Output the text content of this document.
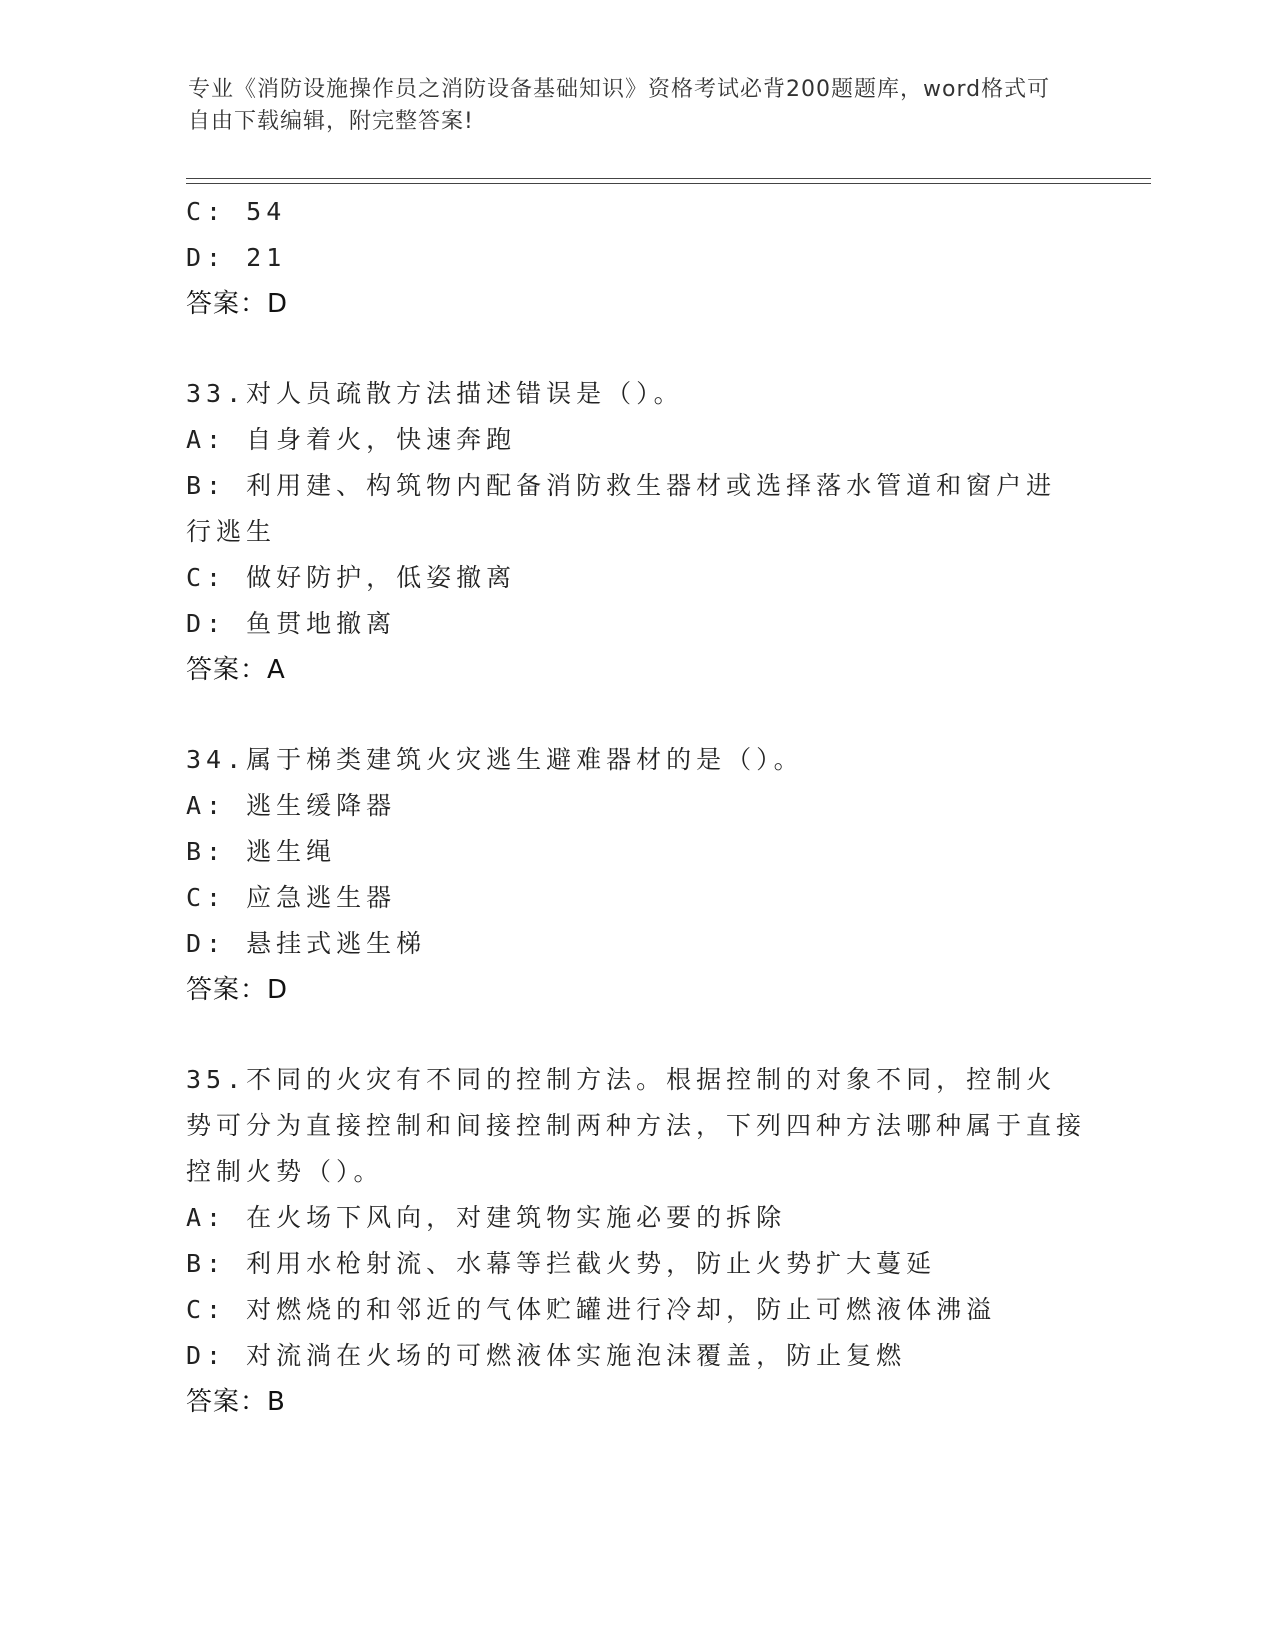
专业《消防设施操作员之消防设备基础知识》资格考试必背200题题库，word格式可自由下载编辑，附完整答案!
C: 54
D: 21
答案：D
33.对人员疏散方法描述错误是（）。
A: 自身着火，快速奔跑
B: 利用建、构筑物内配备消防救生器材或选择落水管道和窗户进行逃生
C: 做好防护，低姿撤离
D: 鱼贯地撤离
答案：A
34.属于梯类建筑火灾逃生避难器材的是（）。
A: 逃生缓降器
B: 逃生绳
C: 应急逃生器
D: 悬挂式逃生梯
答案：D
35.不同的火灾有不同的控制方法。根据控制的对象不同，控制火势可分为直接控制和间接控制两种方法，下列四种方法哪种属于直接控制火势（）。
A: 在火场下风向，对建筑物实施必要的拆除
B: 利用水枪射流、水幕等拦截火势，防止火势扩大蔓延
C: 对燃烧的和邻近的气体贮罐进行冷却，防止可燃液体沸溢
D: 对流淌在火场的可燃液体实施泡沫覆盖，防止复燃
答案：B
